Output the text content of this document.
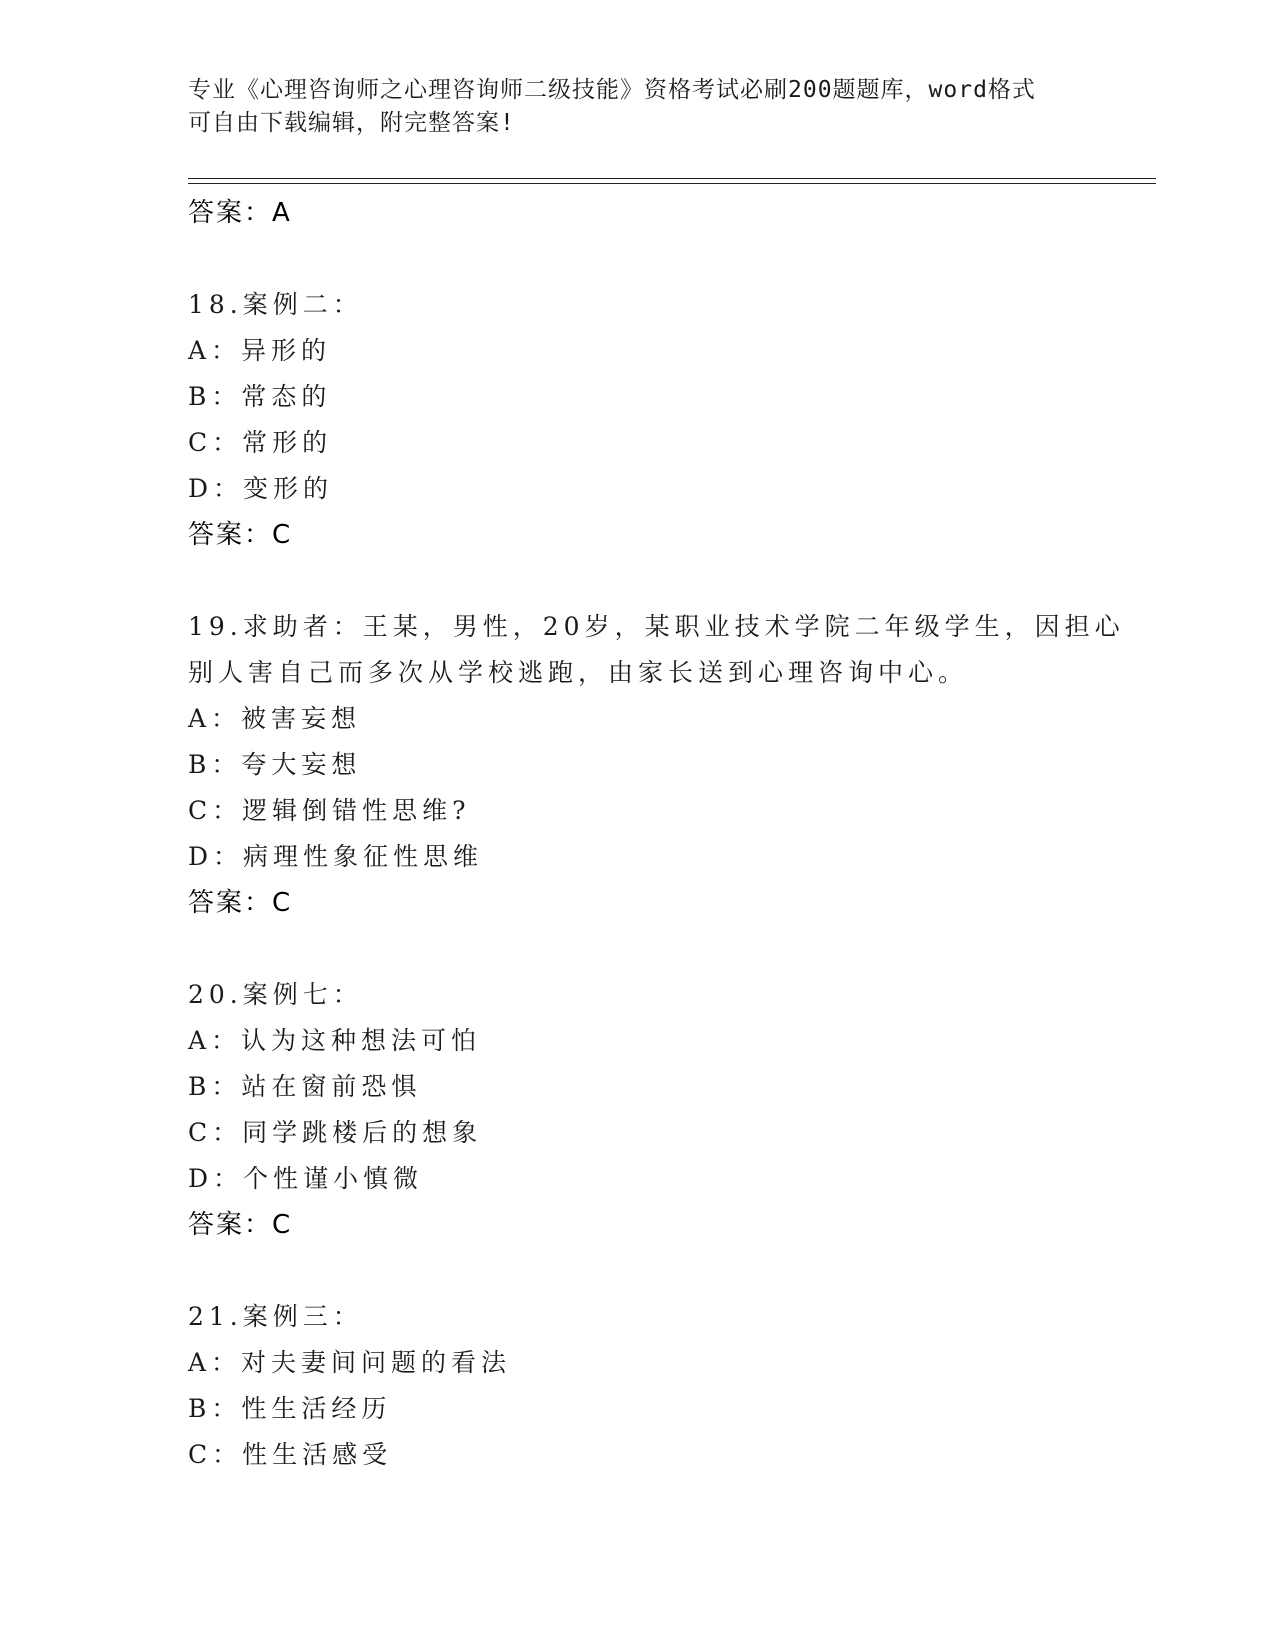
专业《心理咨询师之心理咨询师二级技能》资格考试必刷200题题库，word格式
可自由下载编辑，附完整答案!
答案：A
18.案例二：
A：异形的
B：常态的
C：常形的
D：变形的
答案：C
19.求助者：王某，男性，20岁，某职业技术学院二年级学生，因担心
别人害自己而多次从学校逃跑，由家长送到心理咨询中心。
A：被害妄想
B：夸大妄想
C：逻辑倒错性思维?
D：病理性象征性思维
答案：C
20.案例七：
A：认为这种想法可怕
B：站在窗前恐惧
C：同学跳楼后的想象
D：个性谨小慎微
答案：C
21.案例三：
A：对夫妻间问题的看法
B：性生活经历
C：性生活感受
